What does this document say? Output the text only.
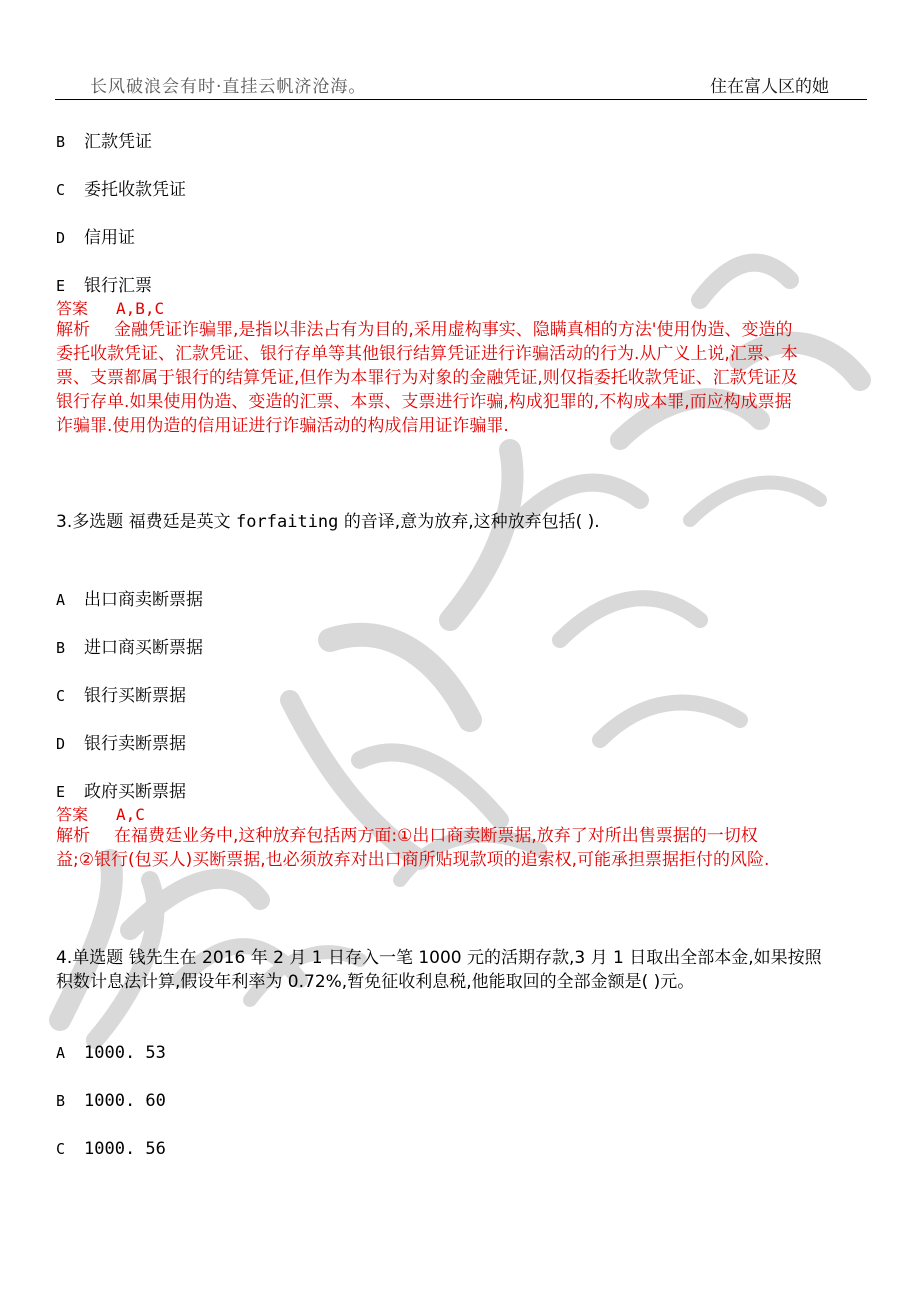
长风破浪会有时·直挂云帆济沧海。	住在富人区的她
B 汇款凭证
C 委托收款凭证
D 信用证
E 银行汇票
答案 A,B,C
解析 金融凭证诈骗罪,是指以非法占有为目的,采用虚构事实、隐瞒真相的方法'使用伪造、变造的
委托收款凭证、汇款凭证、银行存单等其他银行结算凭证进行诈骗活动的行为.从广义上说,汇票、本
票、支票都属于银行的结算凭证,但作为本罪行为对象的金融凭证,则仅指委托收款凭证、汇款凭证及
银行存单.如果使用伪造、变造的汇票、本票、支票进行诈骗,构成犯罪的,不构成本罪,而应构成票据
诈骗罪.使用伪造的信用证进行诈骗活动的构成信用证诈骗罪.
3.多选题 福费廷是英文 forfaiting 的音译,意为放弃,这种放弃包括( ).
A 出口商卖断票据
B 进口商买断票据
C 银行买断票据
D 银行卖断票据
E 政府买断票据
答案 A,C
解析 在福费廷业务中,这种放弃包括两方面:①出口商卖断票据,放弃了对所出售票据的一切权
益;②银行(包买人)买断票据,也必须放弃对出口商所贴现款项的追索权,可能承担票据拒付的风险.
4.单选题 钱先生在 2016 年 2 月 1 日存入一笔 1000 元的活期存款,3 月 1 日取出全部本金,如果按照
积数计息法计算,假设年利率为 0.72%,暂免征收利息税,他能取回的全部金额是( )元。
A 1000. 53
B 1000. 60
C 1000. 56
